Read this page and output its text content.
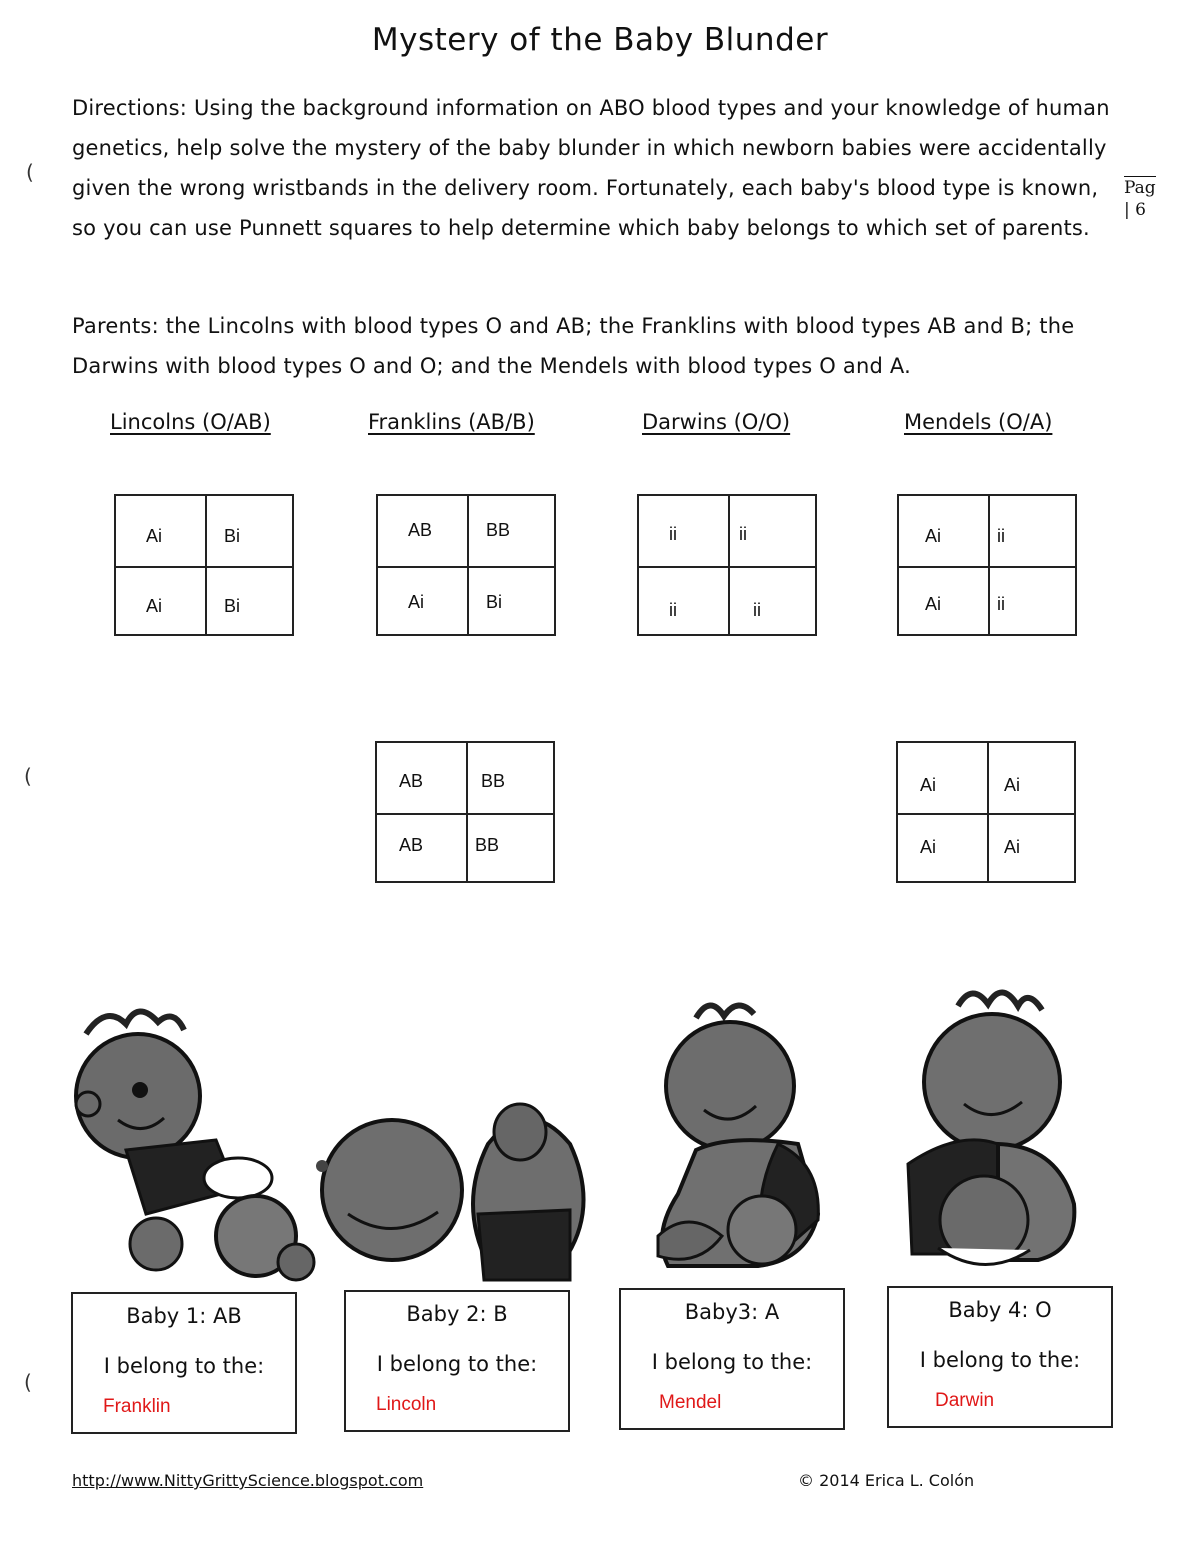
Mystery of the Baby Blunder
Directions: Using the background information on ABO blood types and your knowledge of human genetics, help solve the mystery of the baby blunder in which newborn babies were accidentally given the wrong wristbands in the delivery room. Fortunately, each baby's blood type is known, so you can use Punnett squares to help determine which baby belongs to which set of parents.
Pag
| 6
Parents: the Lincolns with blood types O and AB; the Franklins with blood types AB and B; the Darwins with blood types O and O; and the Mendels with blood types O and A.
Lincolns (O/AB)	Franklins (AB/B)	Darwins (O/O)	Mendels (O/A)
Ai	Bi
Ai	Bi
AB	BB
Ai	Bi
ii	ii
ii	ii
Ai	ii
Ai	ii
AB	BB
AB	BB
Ai	Ai
Ai	Ai
Baby 1: AB
I belong to the:
Franklin
Baby 2: B
I belong to the:
Lincoln
Baby3: A
I belong to the:
Mendel
Baby 4: O
I belong to the:
Darwin
(
(
(
http://www.NittyGrittyScience.blogspot.com	© 2014 Erica L. Colón
